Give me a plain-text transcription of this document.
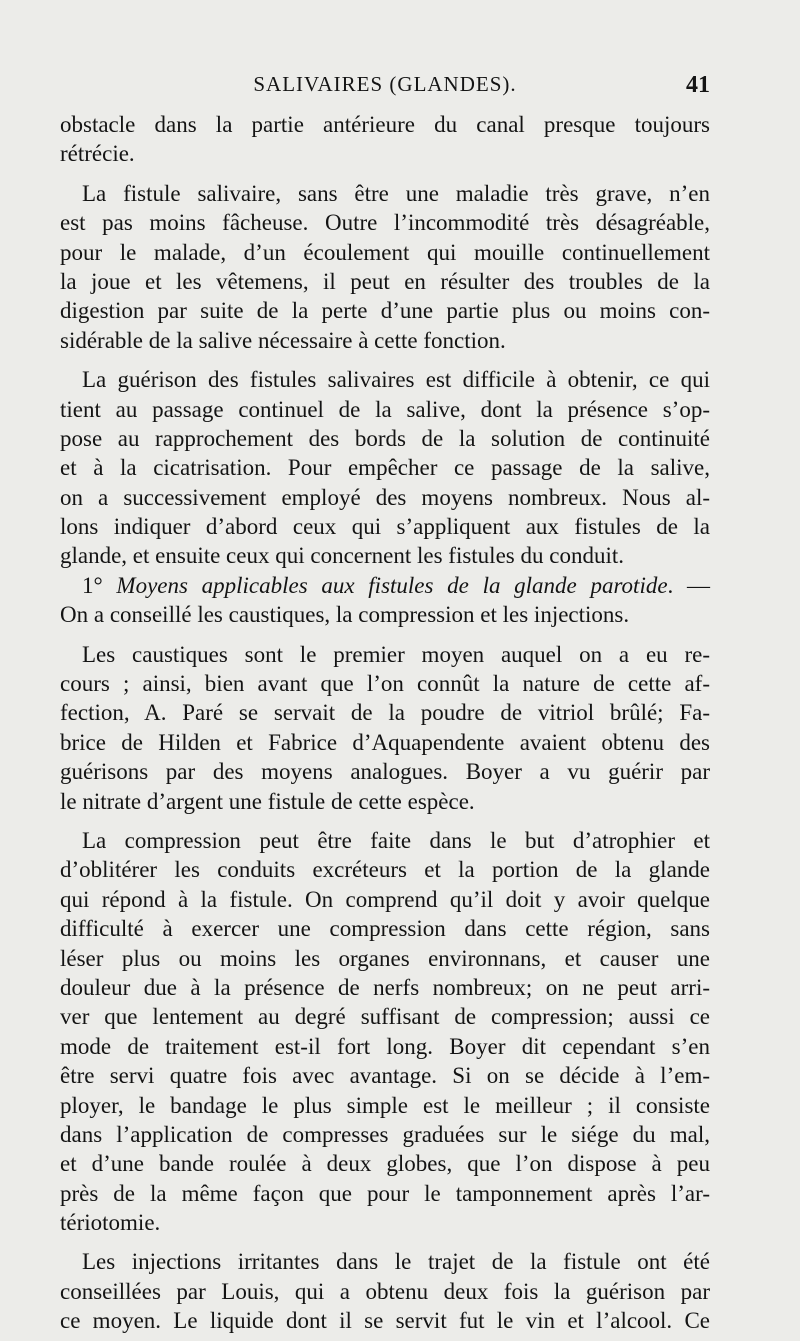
SALIVAIRES (GLANDES).	41
obstacle dans la partie antérieure du canal presque toujours
rétrécie.
La fistule salivaire, sans être une maladie très grave, n’en
est pas moins fâcheuse. Outre l’incommodité très désagréable,
pour le malade, d’un écoulement qui mouille continuellement
la joue et les vêtemens, il peut en résulter des troubles de la
digestion par suite de la perte d’une partie plus ou moins con-
sidérable de la salive nécessaire à cette fonction.
La guérison des fistules salivaires est difficile à obtenir, ce qui
tient au passage continuel de la salive, dont la présence s’op-
pose au rapprochement des bords de la solution de continuité
et à la cicatrisation. Pour empêcher ce passage de la salive,
on a successivement employé des moyens nombreux. Nous al-
lons indiquer d’abord ceux qui s’appliquent aux fistules de la
glande, et ensuite ceux qui concernent les fistules du conduit.
1° Moyens applicables aux fistules de la glande parotide. —
On a conseillé les caustiques, la compression et les injections.
Les caustiques sont le premier moyen auquel on a eu re-
cours ; ainsi, bien avant que l’on connût la nature de cette af-
fection, A. Paré se servait de la poudre de vitriol brûlé; Fa-
brice de Hilden et Fabrice d’Aquapendente avaient obtenu des
guérisons par des moyens analogues. Boyer a vu guérir par
le nitrate d’argent une fistule de cette espèce.
La compression peut être faite dans le but d’atrophier et
d’oblitérer les conduits excréteurs et la portion de la glande
qui répond à la fistule. On comprend qu’il doit y avoir quelque
difficulté à exercer une compression dans cette région, sans
léser plus ou moins les organes environnans, et causer une
douleur due à la présence de nerfs nombreux; on ne peut arri-
ver que lentement au degré suffisant de compression; aussi ce
mode de traitement est-il fort long. Boyer dit cependant s’en
être servi quatre fois avec avantage. Si on se décide à l’em-
ployer, le bandage le plus simple est le meilleur ; il consiste
dans l’application de compresses graduées sur le siége du mal,
et d’une bande roulée à deux globes, que l’on dispose à peu
près de la même façon que pour le tamponnement après l’ar-
tériotomie.
Les injections irritantes dans le trajet de la fistule ont été
conseillées par Louis, qui a obtenu deux fois la guérison par
ce moyen. Le liquide dont il se servit fut le vin et l’alcool. Ce
